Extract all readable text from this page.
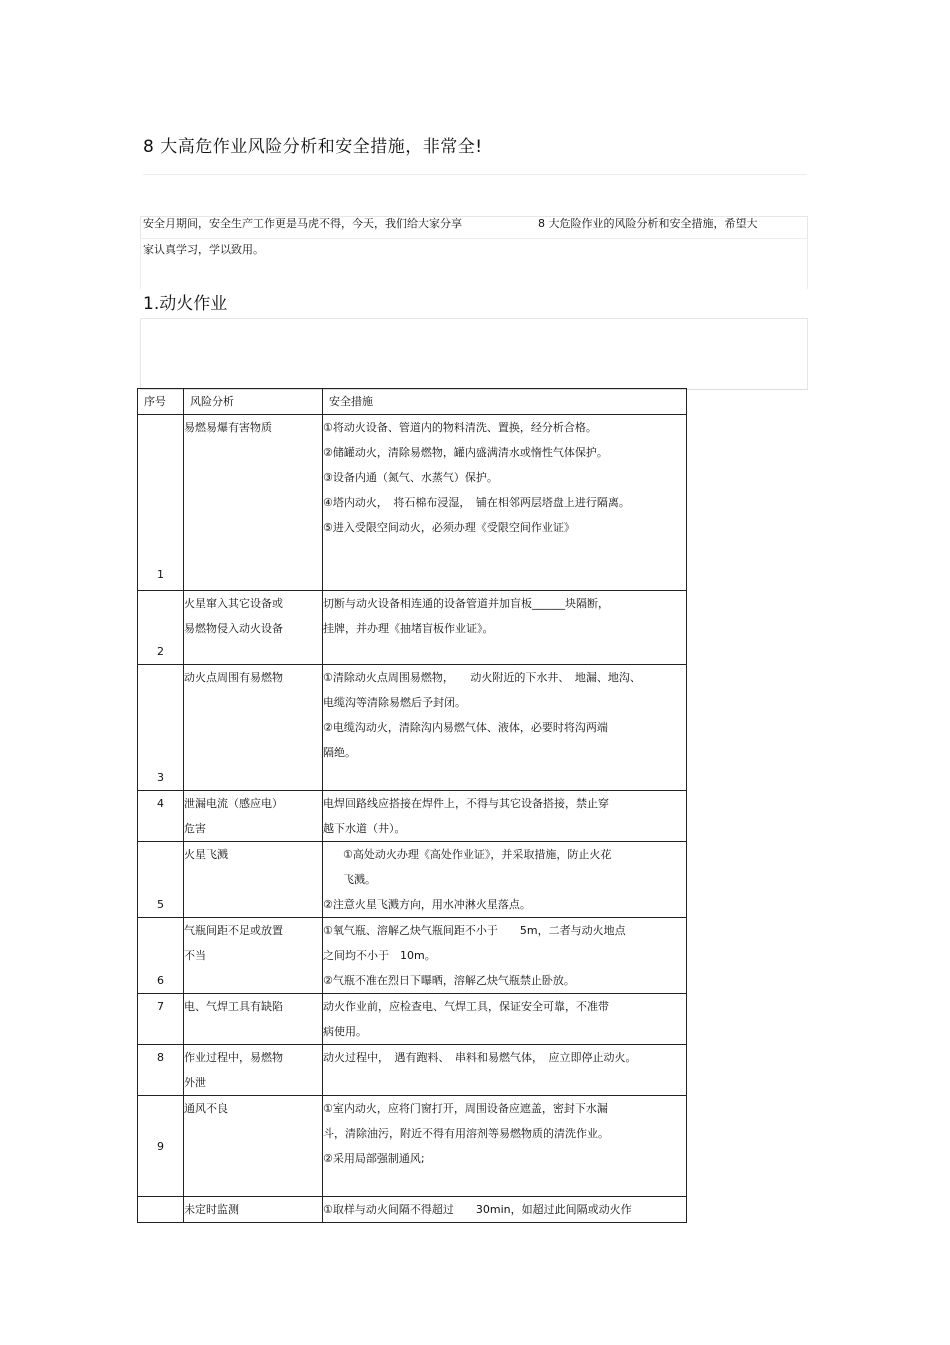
8 大高危作业风险分析和安全措施，非常全!
安全月期间，安全生产工作更是马虎不得，今天，我们给大家分享	8 大危险作业的风险分析和安全措施，希望大
家认真学习，学以致用。
1.动火作业
序号	风险分析	安全措施
1	易燃易爆有害物质	①将动火设备、管道内的物料清洗、置换，经分析合格。
②储罐动火，清除易燃物，罐内盛满清水或惰性气体保护。
③设备内通（氮气、水蒸气）保护。
④塔内动火，　将石棉布浸湿，　铺在相邻两层塔盘上进行隔离。
⑤进入受限空间动火，必须办理《受限空间作业证》

2	火星窜入其它设备或
易燃物侵入动火设备	切断与动火设备相连通的设备管道并加盲板______块隔断，
挂牌，并办理《抽堵盲板作业证》。

3	动火点周围有易燃物	①清除动火点周围易燃物，　　动火附近的下水井、　地漏、地沟、
电缆沟等清除易燃后予封闭。
②电缆沟动火，清除沟内易燃气体、液体，必要时将沟两端
隔绝。

4	泄漏电流（感应电）
危害	电焊回路线应搭接在焊件上，不得与其它设备搭接，禁止穿
越下水道（井）。

5	火星飞溅	①高处动火办理《高处作业证》，并采取措施，防止火花
飞溅。
②注意火星飞溅方向，用水冲淋火星落点。

6	气瓶间距不足或放置
不当	①氧气瓶、溶解乙炔气瓶间距不小于　　5m，二者与动火地点
之间均不小于　10m。
②气瓶不准在烈日下曝晒，溶解乙炔气瓶禁止卧放。

7	电、气焊工具有缺陷	动火作业前，应检查电、气焊工具，保证安全可靠，不准带
病使用。

8	作业过程中，易燃物
外泄	动火过程中，　遇有跑料、　串料和易燃气体，　应立即停止动火。

9	通风不良	①室内动火，应将门窗打开，周围设备应遮盖，密封下水漏
斗，清除油污，附近不得有用溶剂等易燃物质的清洗作业。
②采用局部强制通风;

	未定时监测	①取样与动火间隔不得超过　　30min，如超过此间隔或动火作
